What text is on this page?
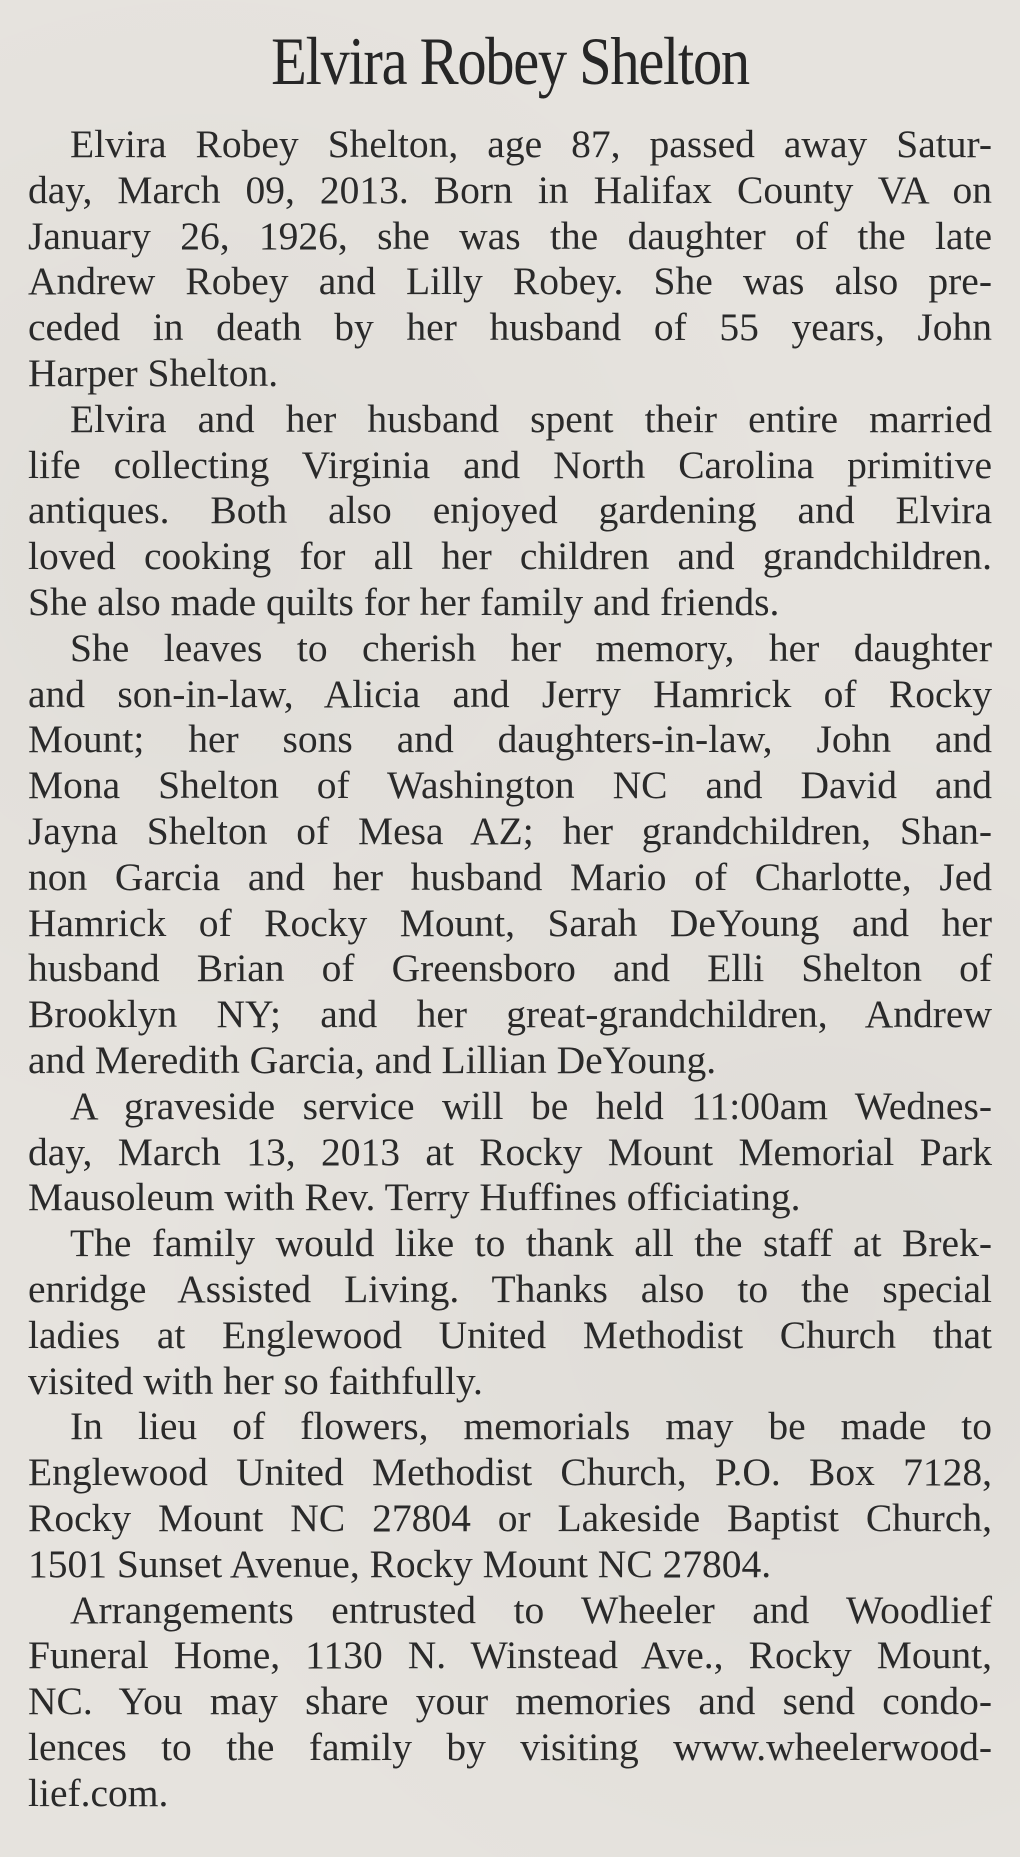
Elvira Robey Shelton

Elvira Robey Shelton, age 87, passed away Satur-
day, March 09, 2013. Born in Halifax County VA on
January 26, 1926, she was the daughter of the late
Andrew Robey and Lilly Robey. She was also pre-
ceded in death by her husband of 55 years, John
Harper Shelton.

Elvira and her husband spent their entire married
life collecting Virginia and North Carolina primitive
antiques. Both also enjoyed gardening and Elvira
loved cooking for all her children and grandchildren.
She also made quilts for her family and friends.

She leaves to cherish her memory, her daughter
and son-in-law, Alicia and Jerry Hamrick of Rocky
Mount; her sons and daughters-in-law, John and
Mona Shelton of Washington NC and David and
Jayna Shelton of Mesa AZ; her grandchildren, Shan-
non Garcia and her husband Mario of Charlotte, Jed
Hamrick of Rocky Mount, Sarah DeYoung and her
husband Brian of Greensboro and Elli Shelton of
Brooklyn NY; and her great-grandchildren, Andrew
and Meredith Garcia, and Lillian DeYoung.

A graveside service will be held 11:00am Wednes-
day, March 13, 2013 at Rocky Mount Memorial Park
Mausoleum with Rev. Terry Huffines officiating.

The family would like to thank all the staff at Brek-
enridge Assisted Living. Thanks also to the special
ladies at Englewood United Methodist Church that
visited with her so faithfully.

In lieu of flowers, memorials may be made to
Englewood United Methodist Church, P.O. Box 7128,
Rocky Mount NC 27804 or Lakeside Baptist Church,
1501 Sunset Avenue, Rocky Mount NC 27804.

Arrangements entrusted to Wheeler and Woodlief
Funeral Home, 1130 N. Winstead Ave., Rocky Mount,
NC. You may share your memories and send condo-
lences to the family by visiting www.wheelerwood-
lief.com.
